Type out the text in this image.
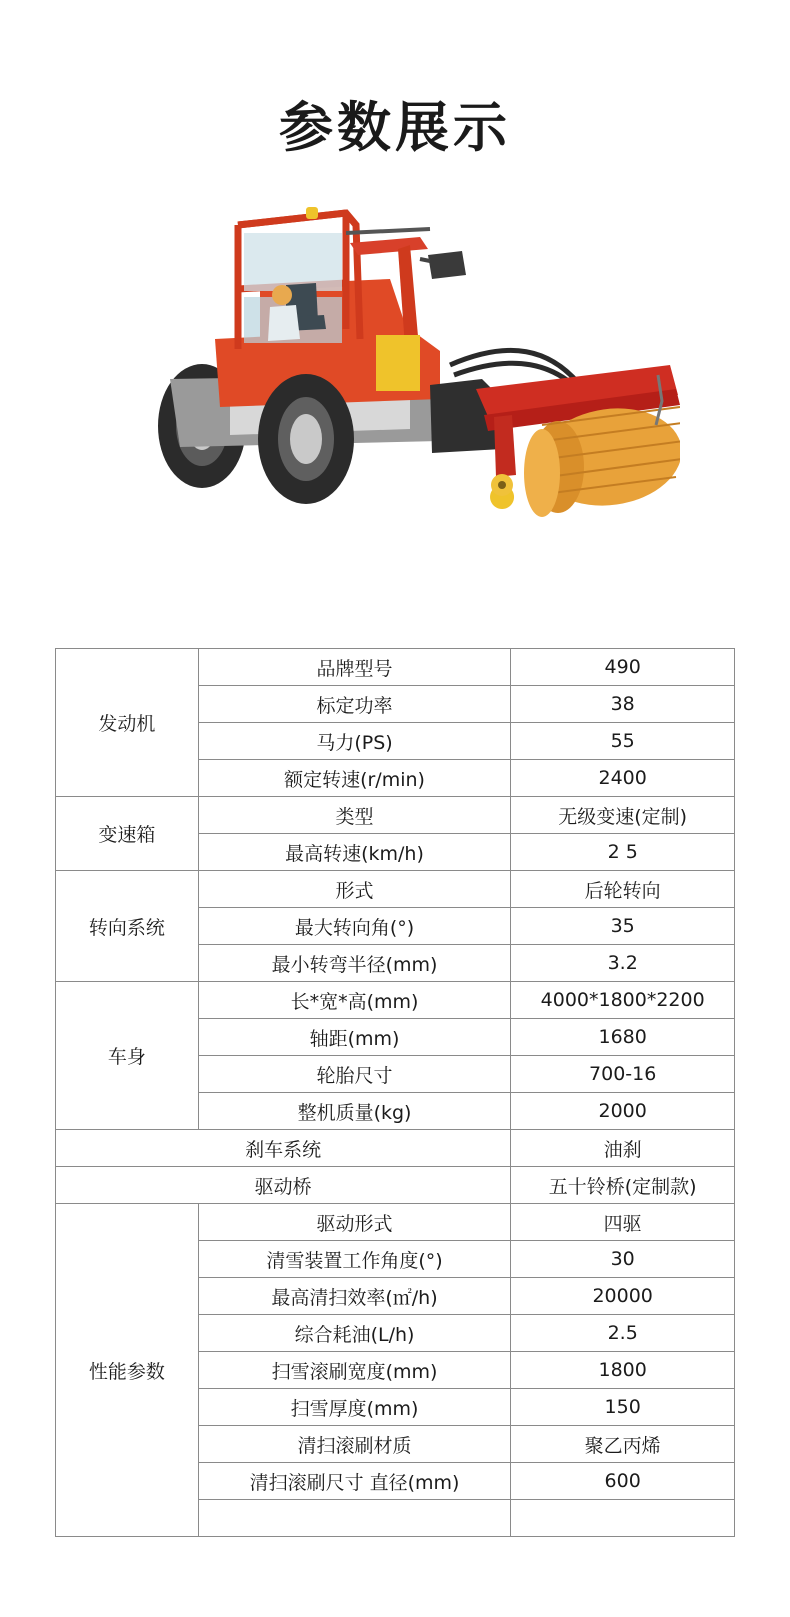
参数展示
发动机	品牌型号	490
	标定功率	38
	马力(PS)	55
	额定转速(r/min)	2400
变速箱	类型	无级变速(定制)
	最高转速(km/h)	2 5
转向系统	形式	后轮转向
	最大转向角(°)	35
	最小转弯半径(mm)	3.2
车身	长*宽*高(mm)	4000*1800*2200
	轴距(mm)	1680
	轮胎尺寸	700-16
	整机质量(kg)	2000
刹车系统		油刹
驱动桥		五十铃桥(定制款)
性能参数	驱动形式	四驱
	清雪装置工作角度(°)	30
	最高清扫效率(㎡/h)	20000
	综合耗油(L/h)	2.5
	扫雪滚刷宽度(mm)	1800
	扫雪厚度(mm)	150
	清扫滚刷材质	聚乙丙烯
	清扫滚刷尺寸 直径(mm)	600
